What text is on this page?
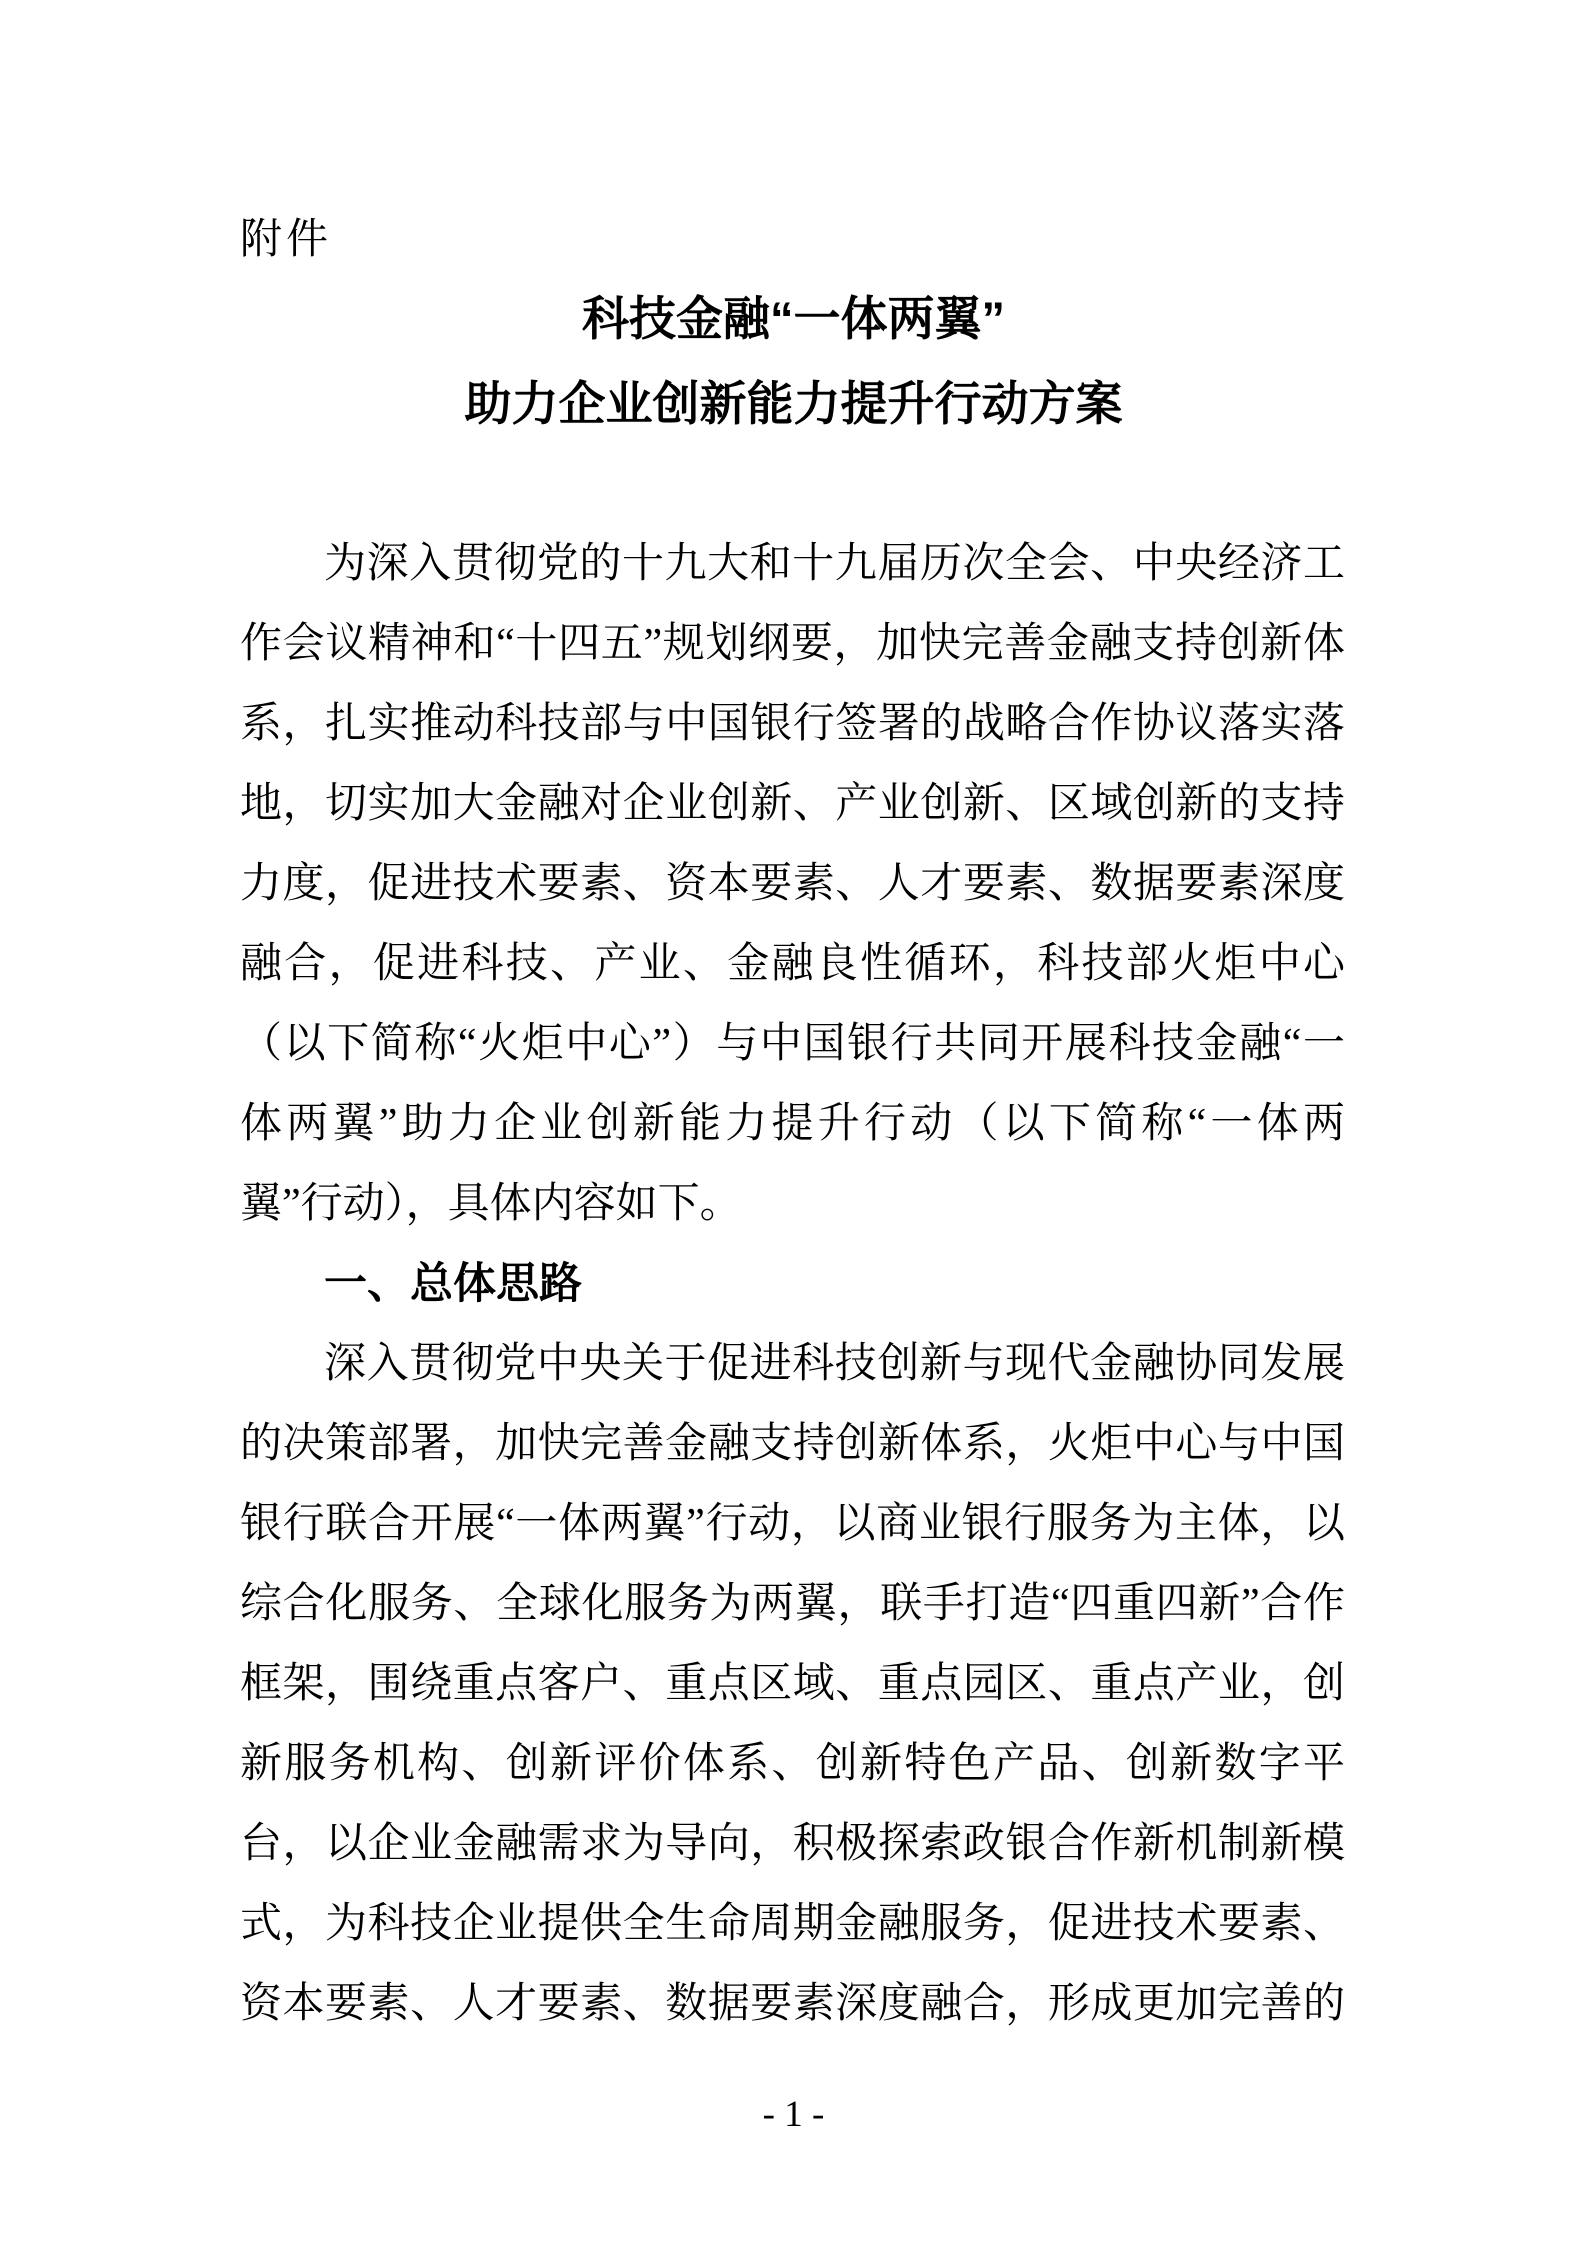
附件
科技金融“一体两翼”
助力企业创新能力提升行动方案

为深入贯彻党的十九大和十九届历次全会、中央经济工作会议精神和“十四五”规划纲要，加快完善金融支持创新体系，扎实推动科技部与中国银行签署的战略合作协议落实落地，切实加大金融对企业创新、产业创新、区域创新的支持力度，促进技术要素、资本要素、人才要素、数据要素深度融合，促进科技、产业、金融良性循环，科技部火炬中心（以下简称“火炬中心”）与中国银行共同开展科技金融“一体两翼”助力企业创新能力提升行动（以下简称“一体两翼”行动），具体内容如下。

一、总体思路

深入贯彻党中央关于促进科技创新与现代金融协同发展的决策部署，加快完善金融支持创新体系，火炬中心与中国银行联合开展“一体两翼”行动，以商业银行服务为主体，以综合化服务、全球化服务为两翼，联手打造“四重四新”合作框架，围绕重点客户、重点区域、重点园区、重点产业，创新服务机构、创新评价体系、创新特色产品、创新数字平台，以企业金融需求为导向，积极探索政银合作新机制新模式，为科技企业提供全生命周期金融服务，促进技术要素、资本要素、人才要素、数据要素深度融合，形成更加完善的

- 1 -
